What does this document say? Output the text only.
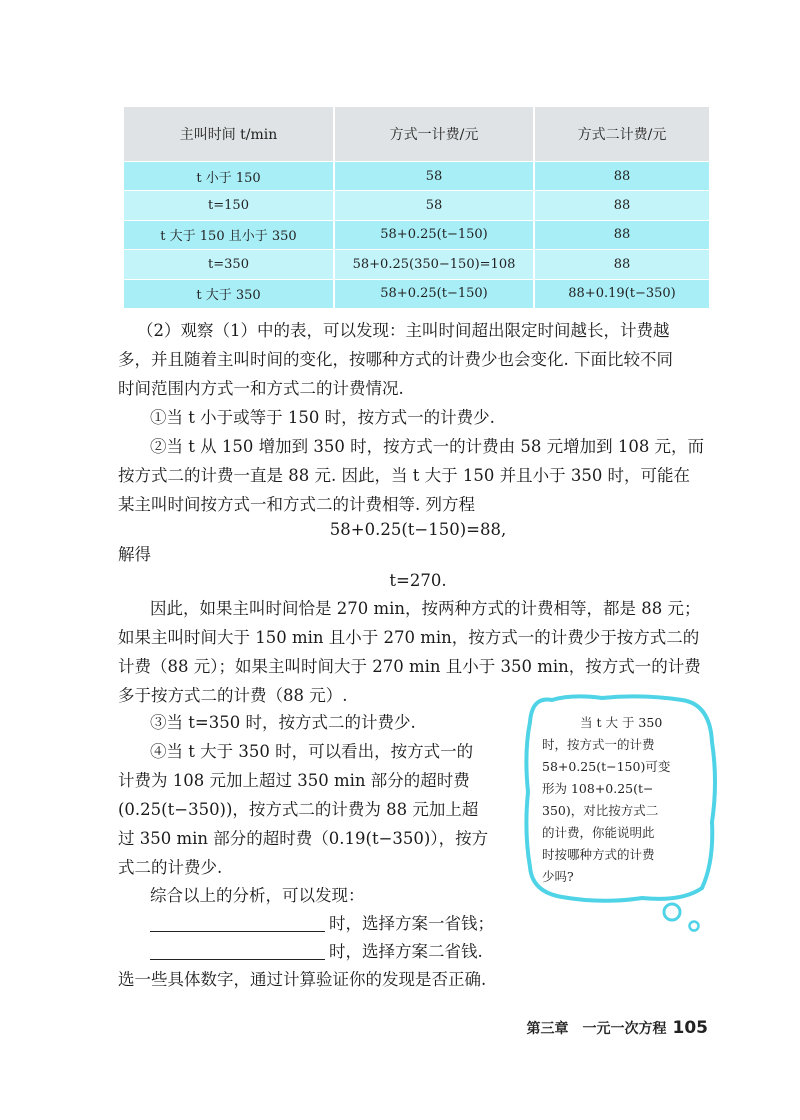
主叫时间 t/min	方式一计费/元	方式二计费/元
t 小于 150	58	88
t=150	58	88
t 大于 150 且小于 350	58+0.25(t−150)	88
t=350	58+0.25(350−150)=108	88
t 大于 350	58+0.25(t−150)	88+0.19(t−350)

（2）观察（1）中的表，可以发现：主叫时间超出限定时间越长，计费越

多，并且随着主叫时间的变化，按哪种方式的计费少也会变化. 下面比较不同

时间范围内方式一和方式二的计费情况.

①当 t 小于或等于 150 时，按方式一的计费少.

②当 t 从 150 增加到 350 时，按方式一的计费由 58 元增加到 108 元，而

按方式二的计费一直是 88 元. 因此，当 t 大于 150 并且小于 350 时，可能在

某主叫时间按方式一和方式二的计费相等. 列方程

58+0.25(t−150)=88,

解得

t=270.

因此，如果主叫时间恰是 270 min，按两种方式的计费相等，都是 88 元；

如果主叫时间大于 150 min 且小于 270 min，按方式一的计费少于按方式二的

计费（88 元）；如果主叫时间大于 270 min 且小于 350 min，按方式一的计费

多于按方式二的计费（88 元）.

③当 t=350 时，按方式二的计费少.

④当 t 大于 350 时，可以看出，按方式一的

计费为 108 元加上超过 350 min 部分的超时费

(0.25(t−350))，按方式二的计费为 88 元加上超

过 350 min 部分的超时费（0.19(t−350)），按方

式二的计费少.

综合以上的分析，可以发现：

时，选择方案一省钱；

时，选择方案二省钱.

选一些具体数字，通过计算验证你的发现是否正确.

当 t 大 于 350
时，按方式一的计费
58+0.25(t−150)可变
形为 108+0.25(t−
350)，对比按方式二
的计费，你能说明此
时按哪种方式的计费
少吗?
第三章　一元一次方程 105
